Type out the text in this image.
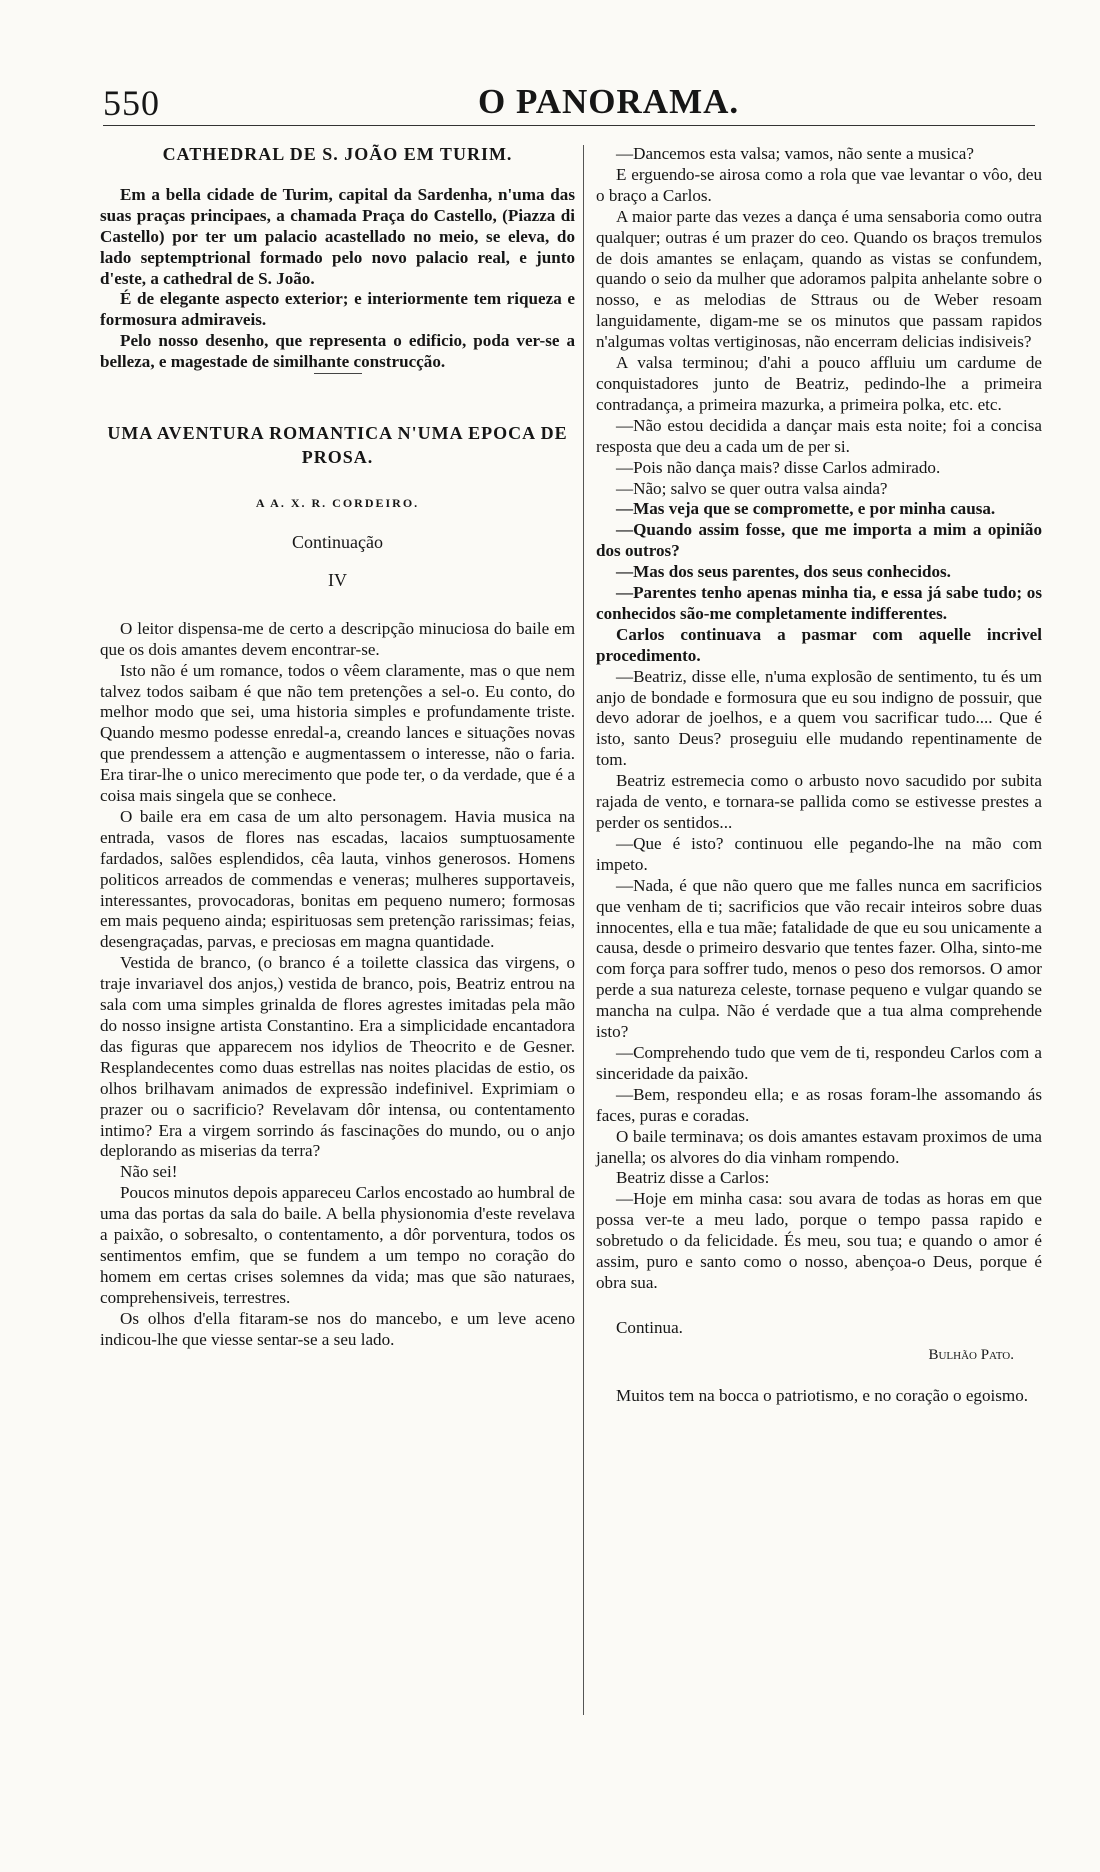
550	O PANORAMA.
CATHEDRAL DE S. JOÃO EM TURIM.

Em a bella cidade de Turim, capital da Sardenha, n'uma das suas praças principaes, a chamada Praça do Castello, (Piazza di Castello) por ter um palacio acastellado no meio, se eleva, do lado septemptrional formado pelo novo palacio real, e junto d'este, a cathedral de S. João.

É de elegante aspecto exterior; e interiormente tem riqueza e formosura admiraveis.

Pelo nosso desenho, que representa o edificio, poda ver-se a belleza, e magestade de similhante construcção.

UMA AVENTURA ROMANTICA N'UMA EPOCA DE PROSA.
A A. X. R. CORDEIRO.
Continuação
IV

O leitor dispensa-me de certo a descripção minuciosa do baile em que os dois amantes devem encontrar-se.

Isto não é um romance, todos o vêem claramente, mas o que nem talvez todos saibam é que não tem pretenções a sel-o. Eu conto, do melhor modo que sei, uma historia simples e profundamente triste. Quando mesmo podesse enredal-a, creando lances e situações novas que prendessem a attenção e augmentassem o interesse, não o faria. Era tirar-lhe o unico merecimento que pode ter, o da verdade, que é a coisa mais singela que se conhece.

O baile era em casa de um alto personagem. Havia musica na entrada, vasos de flores nas escadas, lacaios sumptuosamente fardados, salões esplendidos, cêa lauta, vinhos generosos. Homens politicos arreados de commendas e veneras; mulheres supportaveis, interessantes, provocadoras, bonitas em pequeno numero; formosas em mais pequeno ainda; espirituosas sem pretenção rarissimas; feias, desengraçadas, parvas, e preciosas em magna quantidade.

Vestida de branco, (o branco é a toilette classica das virgens, o traje invariavel dos anjos,) vestida de branco, pois, Beatriz entrou na sala com uma simples grinalda de flores agrestes imitadas pela mão do nosso insigne artista Constantino. Era a simplicidade encantadora das figuras que apparecem nos idylios de Theocrito e de Gesner. Resplandecentes como duas estrellas nas noites placidas de estio, os olhos brilhavam animados de expressão indefinivel. Exprimiam o prazer ou o sacrificio? Revelavam dôr intensa, ou contentamento intimo? Era a virgem sorrindo ás fascinações do mundo, ou o anjo deplorando as miserias da terra?

Não sei!

Poucos minutos depois appareceu Carlos encostado ao humbral de uma das portas da sala do baile. A bella physionomia d'este revelava a paixão, o sobresalto, o contentamento, a dôr porventura, todos os sentimentos emfim, que se fundem a um tempo no coração do homem em certas crises solemnes da vida; mas que são naturaes, comprehensiveis, terrestres.

Os olhos d'ella fitaram-se nos do mancebo, e um leve aceno indicou-lhe que viesse sentar-se a seu lado.

—Dancemos esta valsa; vamos, não sente a musica?

E erguendo-se airosa como a rola que vae levantar o vôo, deu o braço a Carlos.

A maior parte das vezes a dança é uma sensaboria como outra qualquer; outras é um prazer do ceo. Quando os braços tremulos de dois amantes se enlaçam, quando as vistas se confundem, quando o seio da mulher que adoramos palpita anhelante sobre o nosso, e as melodias de Sttraus ou de Weber resoam languidamente, digam-me se os minutos que passam rapidos n'algumas voltas vertiginosas, não encerram delicias indisiveis?

A valsa terminou; d'ahi a pouco affluiu um cardume de conquistadores junto de Beatriz, pedindo-lhe a primeira contradança, a primeira mazurka, a primeira polka, etc. etc.

—Não estou decidida a dançar mais esta noite; foi a concisa resposta que deu a cada um de per si.

—Pois não dança mais? disse Carlos admirado.

—Não; salvo se quer outra valsa ainda?

—Mas veja que se compromette, e por minha causa.

—Quando assim fosse, que me importa a mim a opinião dos outros?

—Mas dos seus parentes, dos seus conhecidos.

—Parentes tenho apenas minha tia, e essa já sabe tudo; os conhecidos são-me completamente indifferentes.

Carlos continuava a pasmar com aquelle incrivel procedimento.

—Beatriz, disse elle, n'uma explosão de sentimento, tu és um anjo de bondade e formosura que eu sou indigno de possuir, que devo adorar de joelhos, e a quem vou sacrificar tudo.... Que é isto, santo Deus? proseguiu elle mudando repentinamente de tom.

Beatriz estremecia como o arbusto novo sacudido por subita rajada de vento, e tornara-se pallida como se estivesse prestes a perder os sentidos...

—Que é isto? continuou elle pegando-lhe na mão com impeto.

—Nada, é que não quero que me falles nunca em sacrificios que venham de ti; sacrificios que vão recair inteiros sobre duas innocentes, ella e tua mãe; fatalidade de que eu sou unicamente a causa, desde o primeiro desvario que tentes fazer. Olha, sinto-me com força para soffrer tudo, menos o peso dos remorsos. O amor perde a sua natureza celeste, tornase pequeno e vulgar quando se mancha na culpa. Não é verdade que a tua alma comprehende isto?

—Comprehendo tudo que vem de ti, respondeu Carlos com a sinceridade da paixão.

—Bem, respondeu ella; e as rosas foram-lhe assomando ás faces, puras e coradas.

O baile terminava; os dois amantes estavam proximos de uma janella; os alvores do dia vinham rompendo.

Beatriz disse a Carlos:

—Hoje em minha casa: sou avara de todas as horas em que possa ver-te a meu lado, porque o tempo passa rapido e sobretudo o da felicidade. És meu, sou tua; e quando o amor é assim, puro e santo como o nosso, abençoa-o Deus, porque é obra sua.

Continua.

Bulhão Pato.

Muitos tem na bocca o patriotismo, e no coração o egoismo.
